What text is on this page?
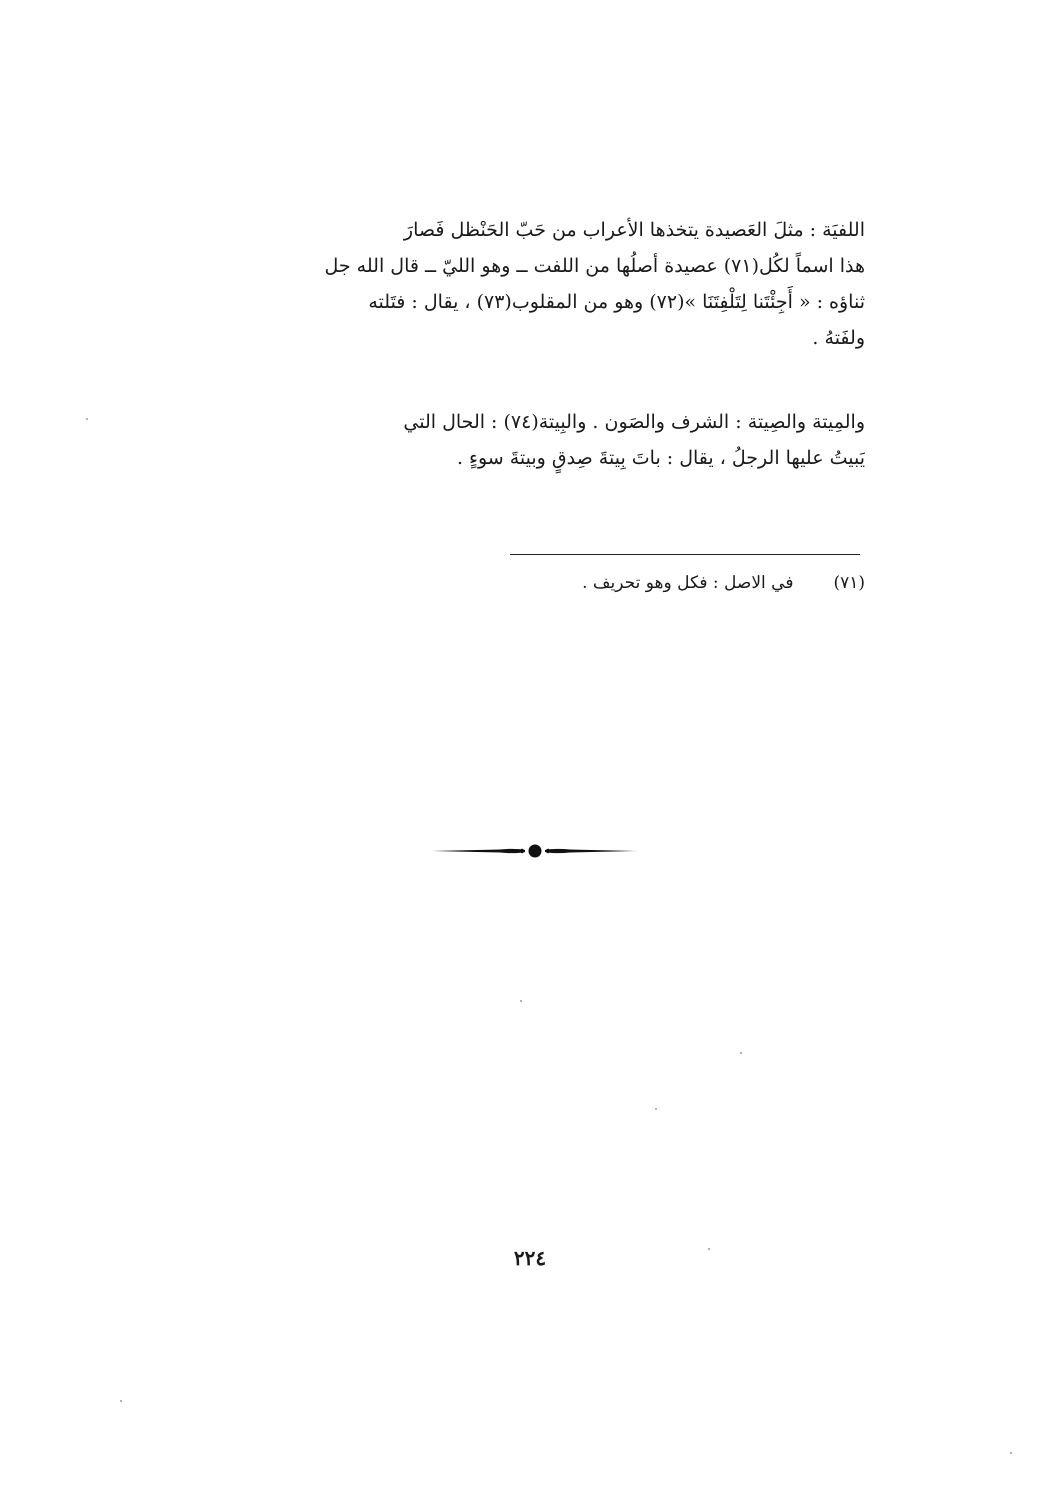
اللفيَة : مثلَ العَصيدة يتخذها الأعراب من حَبّ الحَنْظل فَصارَ
هذا اسماً لكُل(٧١) عصيدة أصلُها من اللفت ــ وهو الليّ ــ قال الله جل
ثناؤه : « أَجِئْتَنا لِتَلْفِتَنَا »(٧٢) وهو من المقلوب(٧٣) ، يقال : فتَلته
ولفَتهُ .
والمِيتة والصِيتة : الشرف والصَون . والبِيتة(٧٤) : الحال التي
يَبيتُ عليها الرجلُ ، يقال : باتَ بِيتةَ صِدقٍ وبيتةَ سوءٍ .
(٧١)في الاصل : فكل وهو تحريف .
٢٢٤
